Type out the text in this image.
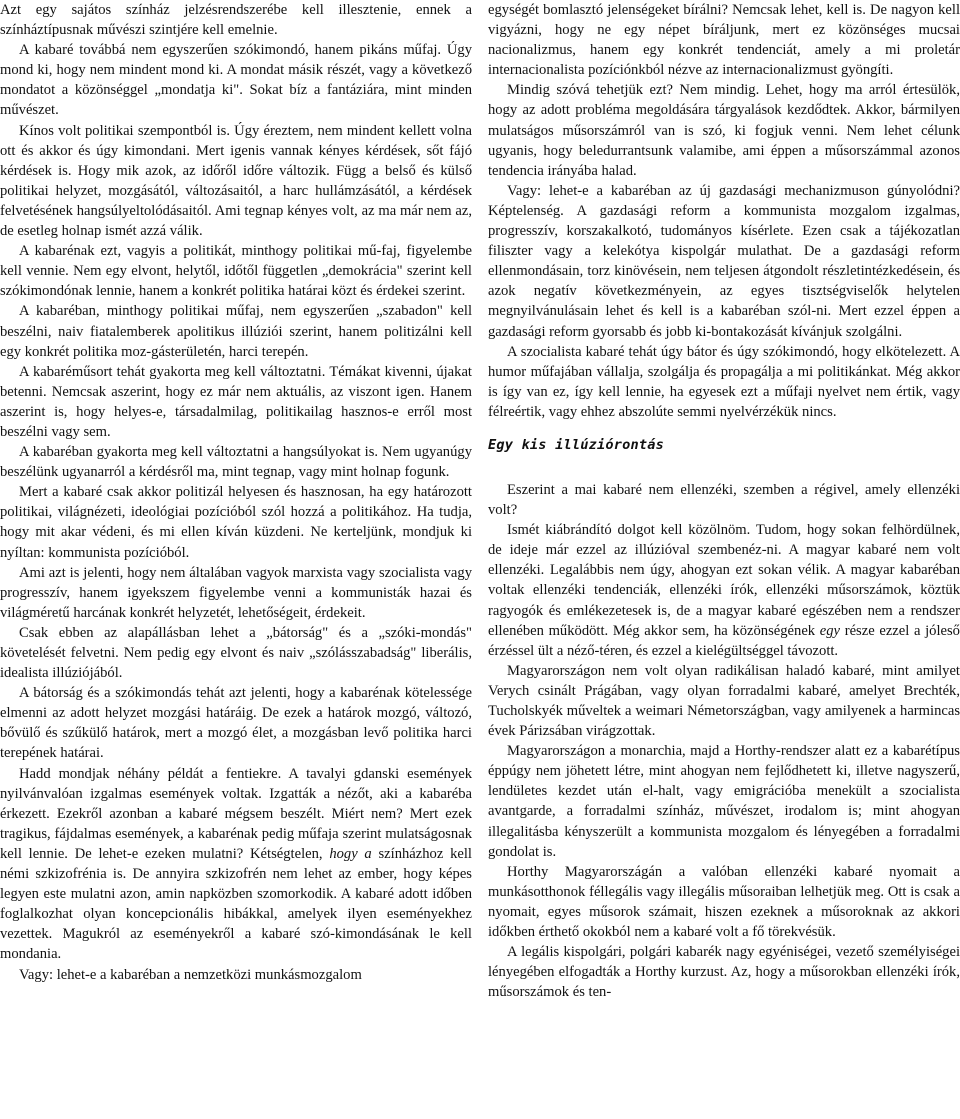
Azt egy sajátos színház jelzésrendszerébe kell illesztenie, ennek a színháztípusnak művészi szintjére kell emelnie.

A kabaré továbbá nem egyszerűen szókimondó, hanem pikáns műfaj. Úgy mond ki, hogy nem mindent mond ki. A mondat másik részét, vagy a következő mondatot a közönséggel „mondatja ki". Sokat bíz a fantáziára, mint minden művészet.

Kínos volt politikai szempontból is. Úgy éreztem, nem mindent kellett volna ott és akkor és úgy kimondani. Mert igenis vannak kényes kérdések, sőt fájó kérdések is. Hogy mik azok, az időről időre változik. Függ a belső és külső politikai helyzet, mozgásától, változásaitól, a harc hullámzásától, a kérdések felvetésének hangsúlyeltolódásaitól. Ami tegnap kényes volt, az ma már nem az, de esetleg holnap ismét azzá válik.

A kabarénak ezt, vagyis a politikát, minthogy politikai mű-faj, figyelembe kell vennie. Nem egy elvont, helytől, időtől független „demokrácia" szerint kell szókimondónak lennie, hanem a konkrét politika határai közt és érdekei szerint.

A kabaréban, minthogy politikai műfaj, nem egyszerűen „szabadon" kell beszélni, naiv fiatalemberek apolitikus illúziói szerint, hanem politizálni kell egy konkrét politika moz-gásterületén, harci terepén.

A kabaréműsort tehát gyakorta meg kell változtatni. Témákat kivenni, újakat betenni. Nemcsak aszerint, hogy ez már nem aktuális, az viszont igen. Hanem aszerint is, hogy helyes-e, társadalmilag, politikailag hasznos-e erről most beszélni vagy sem.

A kabaréban gyakorta meg kell változtatni a hangsúlyokat is. Nem ugyanúgy beszélünk ugyanarról a kérdésről ma, mint tegnap, vagy mint holnap fogunk.

Mert a kabaré csak akkor politizál helyesen és hasznosan, ha egy határozott politikai, világnézeti, ideológiai pozícióból szól hozzá a politikához. Ha tudja, hogy mit akar védeni, és mi ellen kíván küzdeni. Ne kerteljünk, mondjuk ki nyíltan: kommunista pozícióból.

Ami azt is jelenti, hogy nem általában vagyok marxista vagy szocialista vagy progresszív, hanem igyekszem figyelembe venni a kommunisták hazai és világméretű harcának konkrét helyzetét, lehetőségeit, érdekeit.

Csak ebben az alapállásban lehet a „bátorság" és a „szóki-mondás" követelését felvetni. Nem pedig egy elvont és naiv „szólásszabadság" liberális, idealista illúziójából.

A bátorság és a szókimondás tehát azt jelenti, hogy a kabarénak kötelessége elmenni az adott helyzet mozgási határáig. De ezek a határok mozgó, változó, bővülő és szűkülő határok, mert a mozgó élet, a mozgásban levő politika harci terepének határai.

Hadd mondjak néhány példát a fentiekre. A tavalyi gdanski események nyilvánvalóan izgalmas események voltak. Izgatták a nézőt, aki a kabaréba érkezett. Ezekről azonban a kabaré mégsem beszélt. Miért nem? Mert ezek tragikus, fájdalmas események, a kabarénak pedig műfaja szerint mulatságosnak kell lennie. De lehet-e ezeken mulatni? Kétségtelen, hogy a színházhoz kell némi szkizofrénia is. De annyira szkizofrén nem lehet az ember, hogy képes legyen este mulatni azon, amin napközben szomorkodik. A kabaré adott időben foglalkozhat olyan koncepcionális hibákkal, amelyek ilyen eseményekhez vezettek. Magukról az eseményekről a kabaré szó-kimondásának le kell mondania.

Vagy: lehet-e a kabaréban a nemzetközi munkásmozgalom

egységét bomlasztó jelenségeket bírálni? Nemcsak lehet, kell is. De nagyon kell vigyázni, hogy ne egy népet bíráljunk, mert ez közönséges mucsai nacionalizmus, hanem egy konkrét tendenciát, amely a mi proletár internacionalista pozíciónkból nézve az internacionalizmust gyöngíti.

Mindig szóvá tehetjük ezt? Nem mindig. Lehet, hogy ma arról értesülök, hogy az adott probléma megoldására tárgyalások kezdődtek. Akkor, bármilyen mulatságos műsorszámról van is szó, ki fogjuk venni. Nem lehet célunk ugyanis, hogy beledurrantsunk valamibe, ami éppen a műsorszámmal azonos tendencia irányába halad.

Vagy: lehet-e a kabaréban az új gazdasági mechanizmuson gúnyolódni? Képtelenség. A gazdasági reform a kommunista mozgalom izgalmas, progresszív, korszakalkotó, tudományos kísérlete. Ezen csak a tájékozatlan filiszter vagy a kelekótya kispolgár mulathat. De a gazdasági reform ellenmondásain, torz kinövésein, nem teljesen átgondolt részletintézkedésein, és azok negatív következményein, az egyes tisztségviselők helytelen megnyilvánulásain lehet és kell is a kabaréban szól-ni. Mert ezzel éppen a gazdasági reform gyorsabb és jobb ki-bontakozását kívánjuk szolgálni.

A szocialista kabaré tehát úgy bátor és úgy szókimondó, hogy elkötelezett. A humor műfajában vállalja, szolgálja és propagálja a mi politikánkat. Még akkor is így van ez, így kell lennie, ha egyesek ezt a műfaji nyelvet nem értik, vagy félreértik, vagy ehhez abszolúte semmi nyelvérzékük nincs.

Egy kis illúziórontás

Eszerint a mai kabaré nem ellenzéki, szemben a régivel, amely ellenzéki volt?

Ismét kiábrándító dolgot kell közölnöm. Tudom, hogy sokan felhördülnek, de ideje már ezzel az illúzióval szembenéz-ni. A magyar kabaré nem volt ellenzéki. Legalábbis nem úgy, ahogyan ezt sokan vélik. A magyar kabaréban voltak ellenzéki tendenciák, ellenzéki írók, ellenzéki műsorszámok, köztük ragyogók és emlékezetesek is, de a magyar kabaré egészében nem a rendszer ellenében működött. Még akkor sem, ha közönségének egy része ezzel a jóleső érzéssel ült a néző-téren, és ezzel a kielégültséggel távozott.

Magyarországon nem volt olyan radikálisan haladó kabaré, mint amilyet Verych csinált Prágában, vagy olyan forradalmi kabaré, amelyet Brechték, Tucholskyék műveltek a weimari Németországban, vagy amilyenek a harmincas évek Párizsában virágzottak.

Magyarországon a monarchia, majd a Horthy-rendszer alatt ez a kabarétípus éppúgy nem jöhetett létre, mint ahogyan nem fejlődhetett ki, illetve nagyszerű, lendületes kezdet után el-halt, vagy emigrációba menekült a szocialista avantgarde, a forradalmi színház, művészet, irodalom is; mint ahogyan illegalitásba kényszerült a kommunista mozgalom és lényegében a forradalmi gondolat is.

Horthy Magyarországán a valóban ellenzéki kabaré nyomait a munkásotthonok féllegális vagy illegális műsoraiban lelhetjük meg. Ott is csak a nyomait, egyes műsorok számait, hiszen ezeknek a műsoroknak az akkori időkben érthető okokból nem a kabaré volt a fő törekvésük.

A legális kispolgári, polgári kabarék nagy egyéniségei, vezető személyiségei lényegében elfogadták a Horthy kurzust. Az, hogy a műsorokban ellenzéki írók, műsorszámok és ten-
